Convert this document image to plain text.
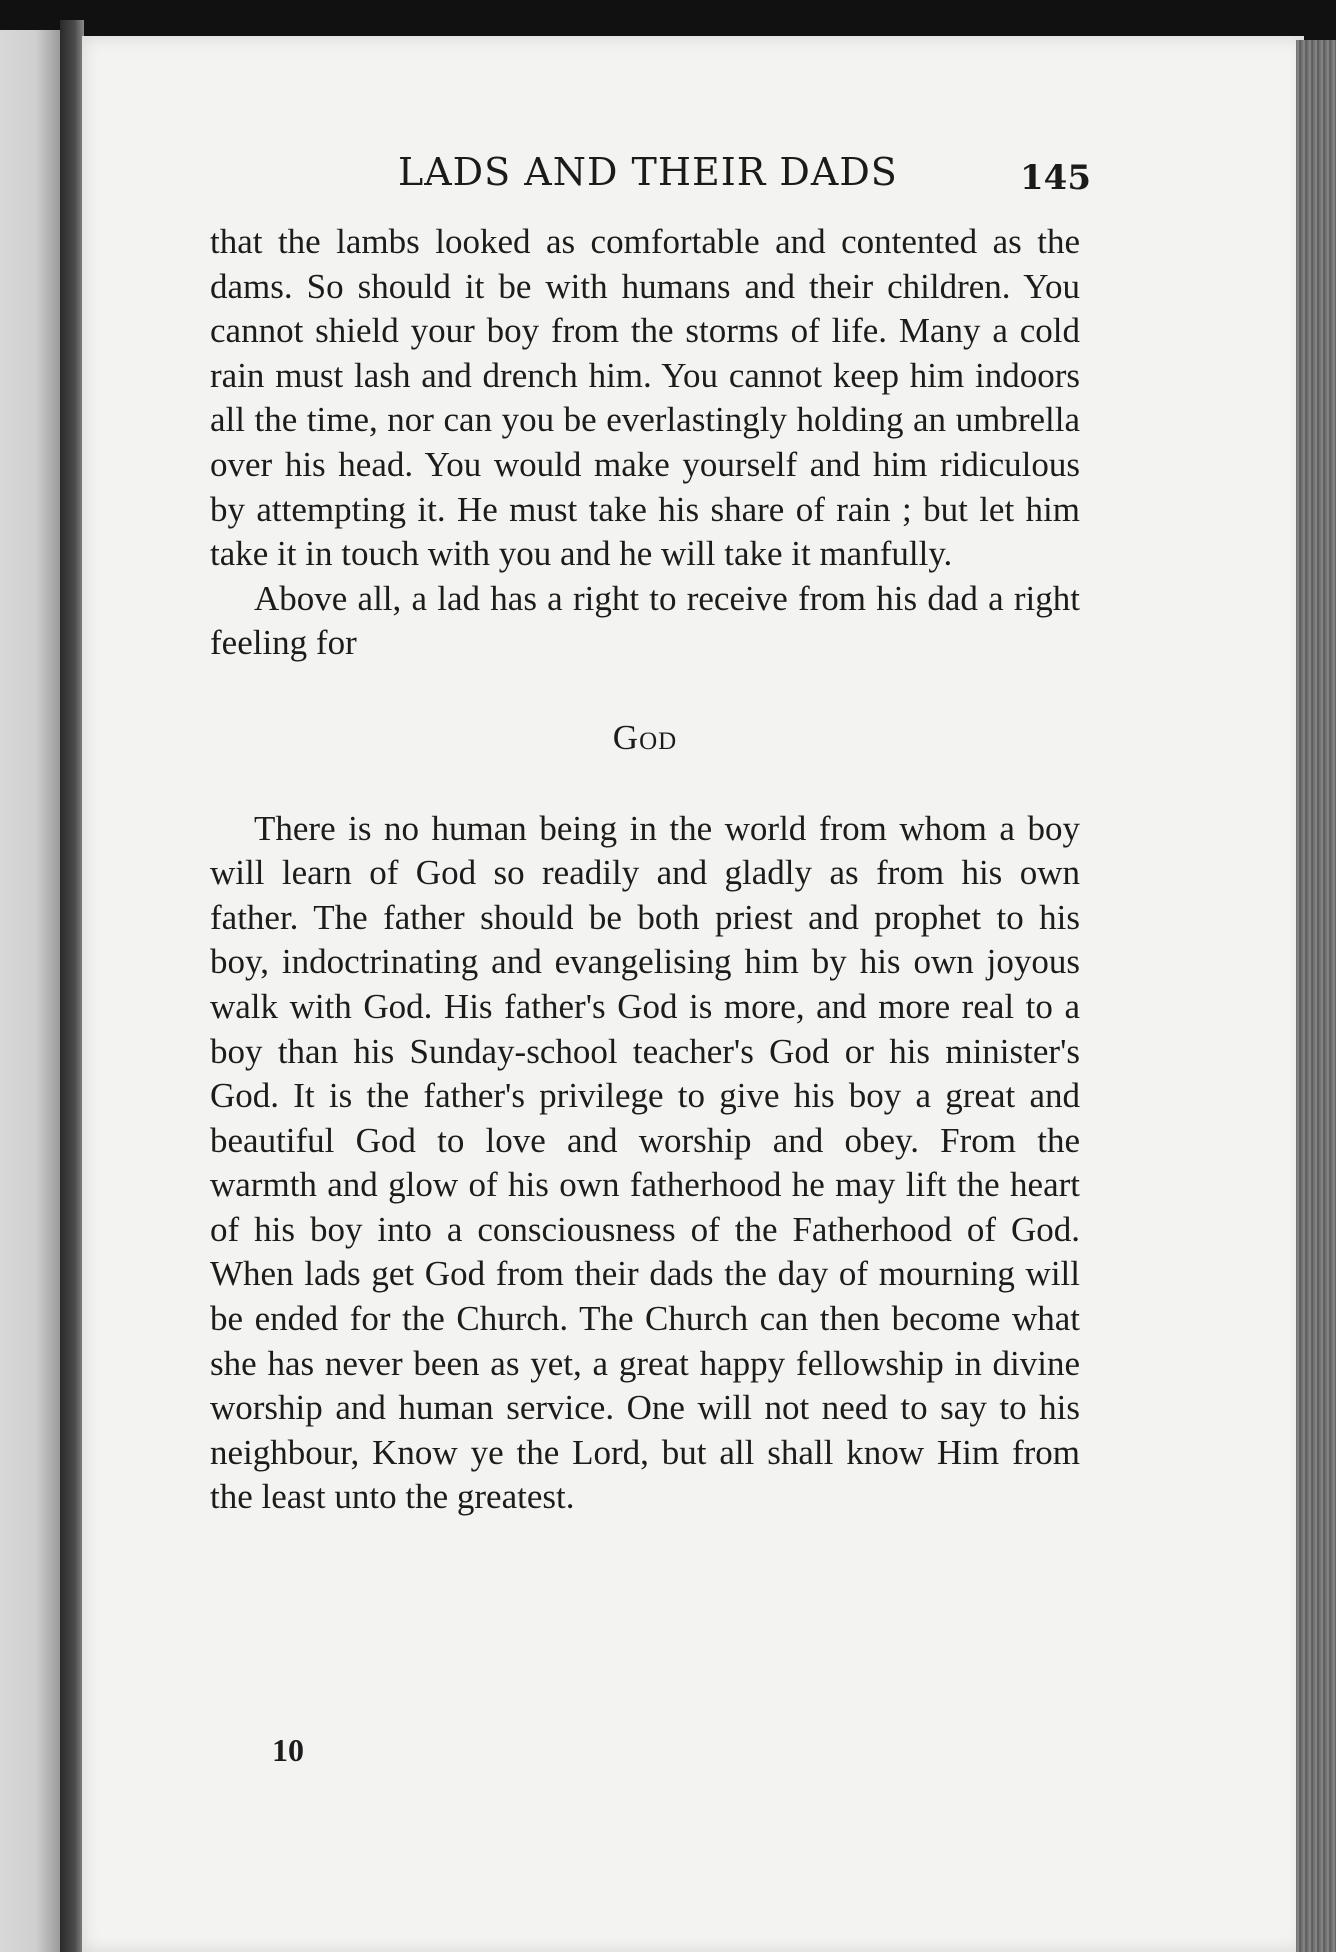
LADS AND THEIR DADS	145

that the lambs looked as comfortable and contented as the dams. So should it be with humans and their children. You cannot shield your boy from the storms of life. Many a cold rain must lash and drench him. You cannot keep him indoors all the time, nor can you be everlastingly holding an umbrella over his head. You would make yourself and him ridiculous by attempting it. He must take his share of rain ; but let him take it in touch with you and he will take it manfully.

Above all, a lad has a right to receive from his dad a right feeling for

God

There is no human being in the world from whom a boy will learn of God so readily and gladly as from his own father. The father should be both priest and prophet to his boy, indoctrinating and evangelising him by his own joyous walk with God. His father's God is more, and more real to a boy than his Sunday-school teacher's God or his minister's God. It is the father's privilege to give his boy a great and beautiful God to love and worship and obey. From the warmth and glow of his own fatherhood he may lift the heart of his boy into a consciousness of the Fatherhood of God. When lads get God from their dads the day of mourning will be ended for the Church. The Church can then become what she has never been as yet, a great happy fellowship in divine worship and human service. One will not need to say to his neighbour, Know ye the Lord, but all shall know Him from the least unto the greatest.

10
